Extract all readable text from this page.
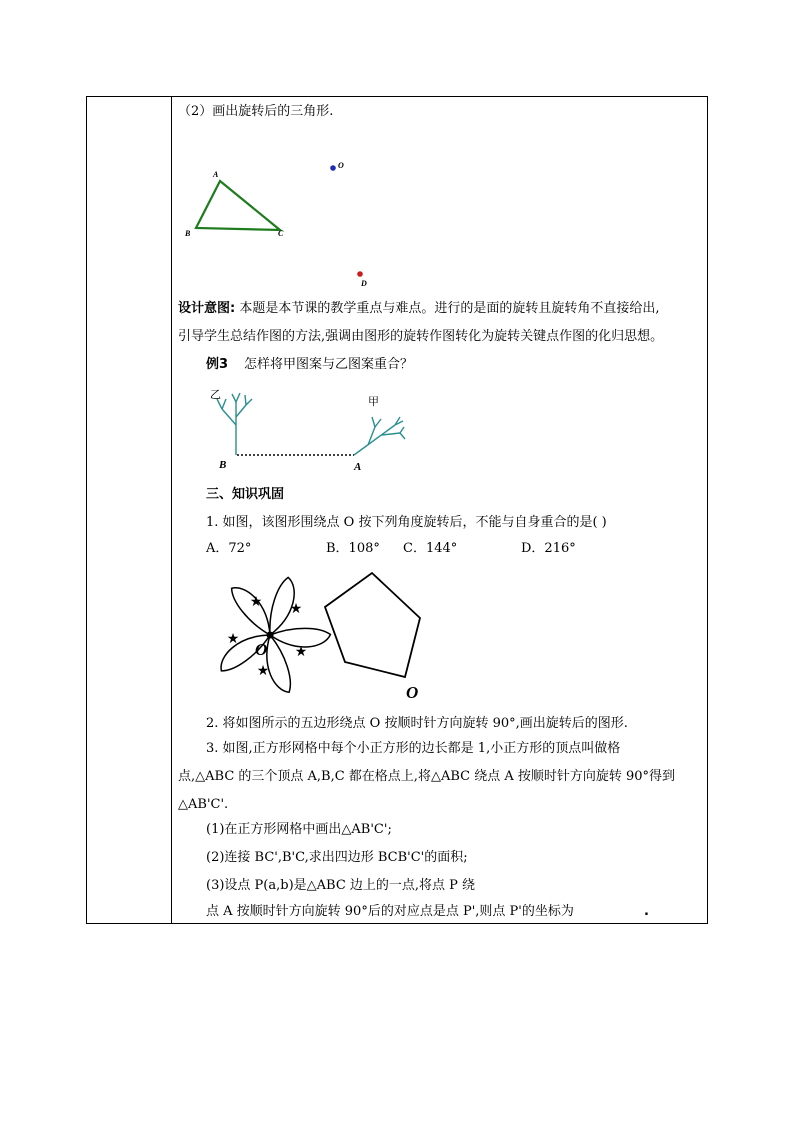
（2）画出旋转后的三角形.
A
B	C
O
D
设计意图: 本题是本节课的教学重点与难点。进行的是面的旋转且旋转角不直接给出,
引导学生总结作图的方法,强调由图形的旋转作图转化为旋转关键点作图的化归思想。
例3 怎样将甲图案与乙图案重合？
乙
甲
B	A
三、知识巩固
1. 如图，该图形围绕点 O 按下列角度旋转后，不能与自身重合的是( )
A．72°	B．108° C．144°	D．216°
★ ★
★
★
★
O
O
2. 将如图所示的五边形绕点 O 按顺时针方向旋转 90°,画出旋转后的图形.
3. 如图,正方形网格中每个小正方形的边长都是 1,小正方形的顶点叫做格
点,△ABC 的三个顶点 A,B,C 都在格点上,将△ABC 绕点 A 按顺时针方向旋转 90°得到
△AB'C'.
(1)在正方形网格中画出△AB'C';
(2)连接 BC',B'C,求出四边形 BCB'C'的面积;
(3)设点 P(a,b)是△ABC 边上的一点,将点 P 绕
点 A 按顺时针方向旋转 90°后的对应点是点 P',则点 P'的坐标为	.
